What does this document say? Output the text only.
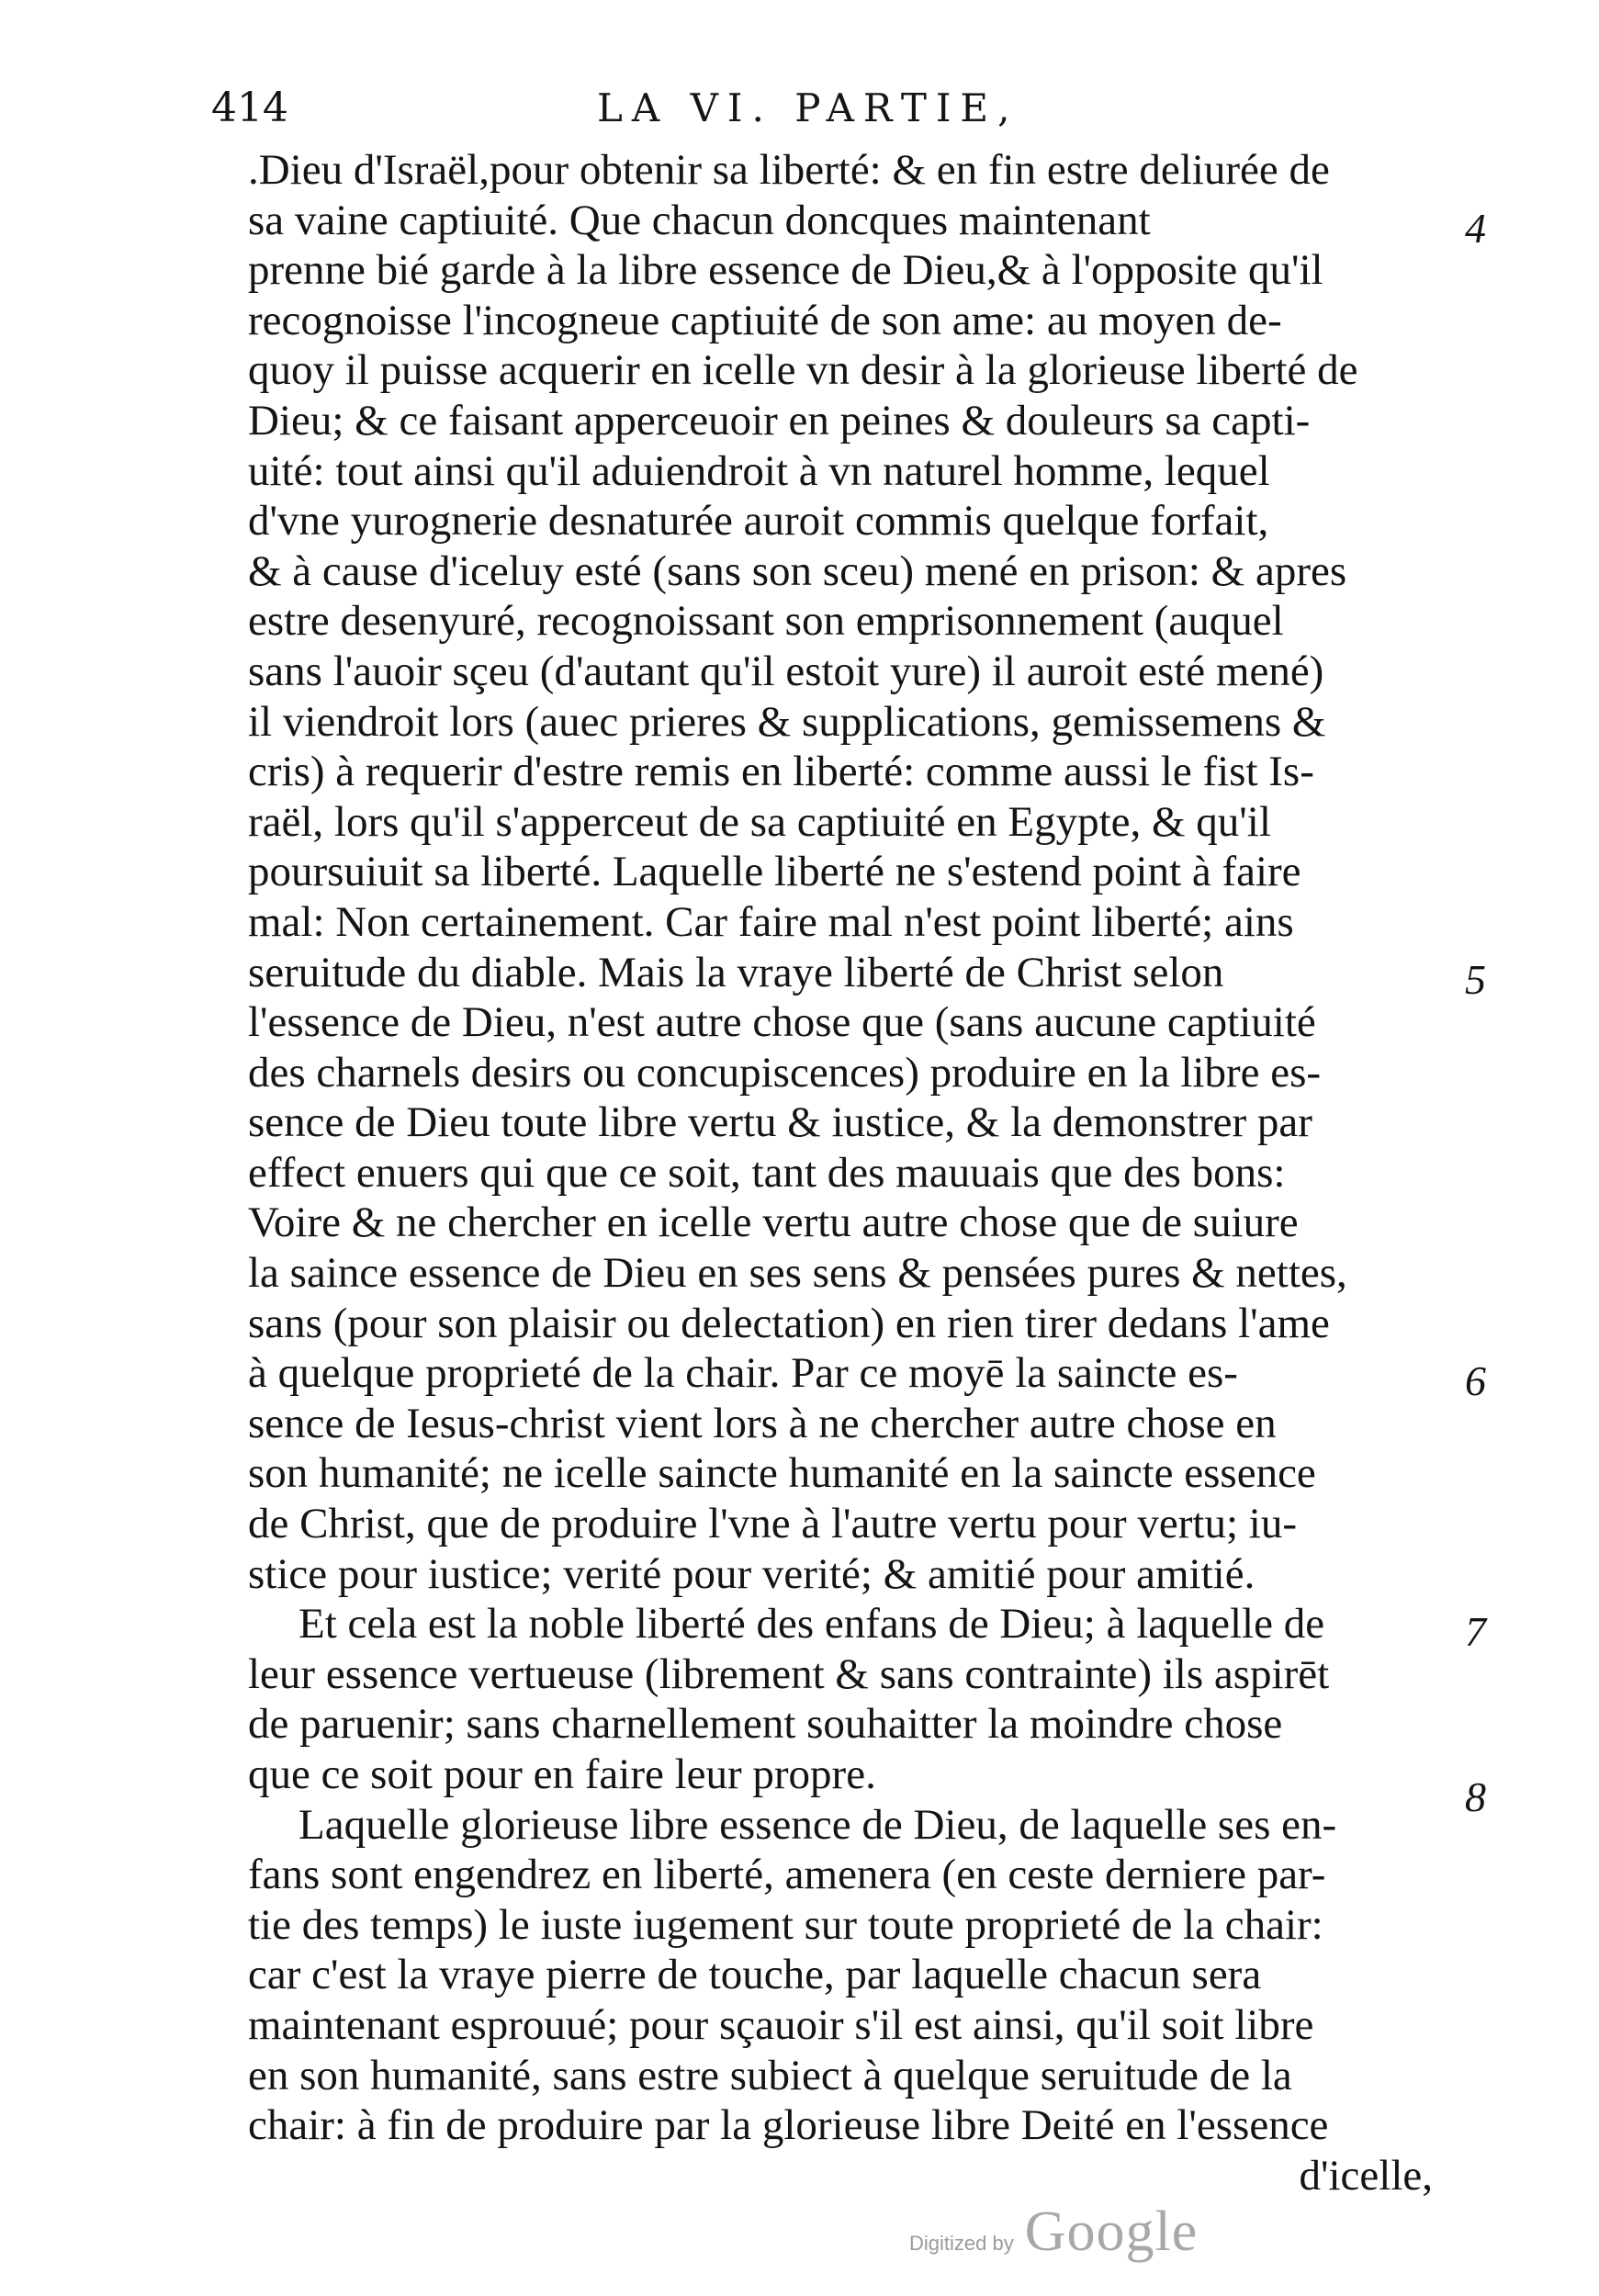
414	LA VI. PARTIE,
.Dieu d'Israël,pour obtenir sa liberté: & en fin estre deliurée de
sa vaine captiuité. Que chacun doncques maintenant
prenne bié garde à la libre essence de Dieu,& à l'opposite qu'il
recognoisse l'incogneue captiuité de son ame: au moyen de-
quoy il puisse acquerir en icelle vn desir à la glorieuse liberté de
Dieu; & ce faisant apperceuoir en peines & douleurs sa capti-
uité: tout ainsi qu'il aduiendroit à vn naturel homme, lequel
d'vne yurognerie desnaturée auroit commis quelque forfait,
& à cause d'iceluy esté (sans son sceu) mené en prison: & apres
estre desenyuré, recognoissant son emprisonnement (auquel
sans l'auoir sçeu (d'autant qu'il estoit yure) il auroit esté mené)
il viendroit lors (auec prieres & supplications, gemissemens &
cris) à requerir d'estre remis en liberté: comme aussi le fist Is-
raël, lors qu'il s'apperceut de sa captiuité en Egypte, & qu'il
poursuiuit sa liberté. Laquelle liberté ne s'estend point à faire
mal: Non certainement. Car faire mal n'est point liberté; ains
seruitude du diable. Mais la vraye liberté de Christ selon
l'essence de Dieu, n'est autre chose que (sans aucune captiuité
des charnels desirs ou concupiscences) produire en la libre es-
sence de Dieu toute libre vertu & iustice, & la demonstrer par
effect enuers qui que ce soit, tant des mauuais que des bons:
Voire & ne chercher en icelle vertu autre chose que de suiure
la saince essence de Dieu en ses sens & pensées pures & nettes,
sans (pour son plaisir ou delectation) en rien tirer dedans l'ame
à quelque proprieté de la chair. Par ce moyē la saincte es-
sence de Iesus-christ vient lors à ne chercher autre chose en
son humanité; ne icelle saincte humanité en la saincte essence
de Christ, que de produire l'vne à l'autre vertu pour vertu; iu-
stice pour iustice; verité pour verité; & amitié pour amitié.
Et cela est la noble liberté des enfans de Dieu; à laquelle de
leur essence vertueuse (librement & sans contrainte) ils aspirēt
de paruenir; sans charnellement souhaitter la moindre chose
que ce soit pour en faire leur propre.
Laquelle glorieuse libre essence de Dieu, de laquelle ses en-
fans sont engendrez en liberté, amenera (en ceste derniere par-
tie des temps) le iuste iugement sur toute proprieté de la chair:
car c'est la vraye pierre de touche, par laquelle chacun sera
maintenant esprouué; pour sçauoir s'il est ainsi, qu'il soit libre
en son humanité, sans estre subiect à quelque seruitude de la
chair: à fin de produire par la glorieuse libre Deité en l'essence
d'icelle,
4
5
6
7
8
Digitized by Google
